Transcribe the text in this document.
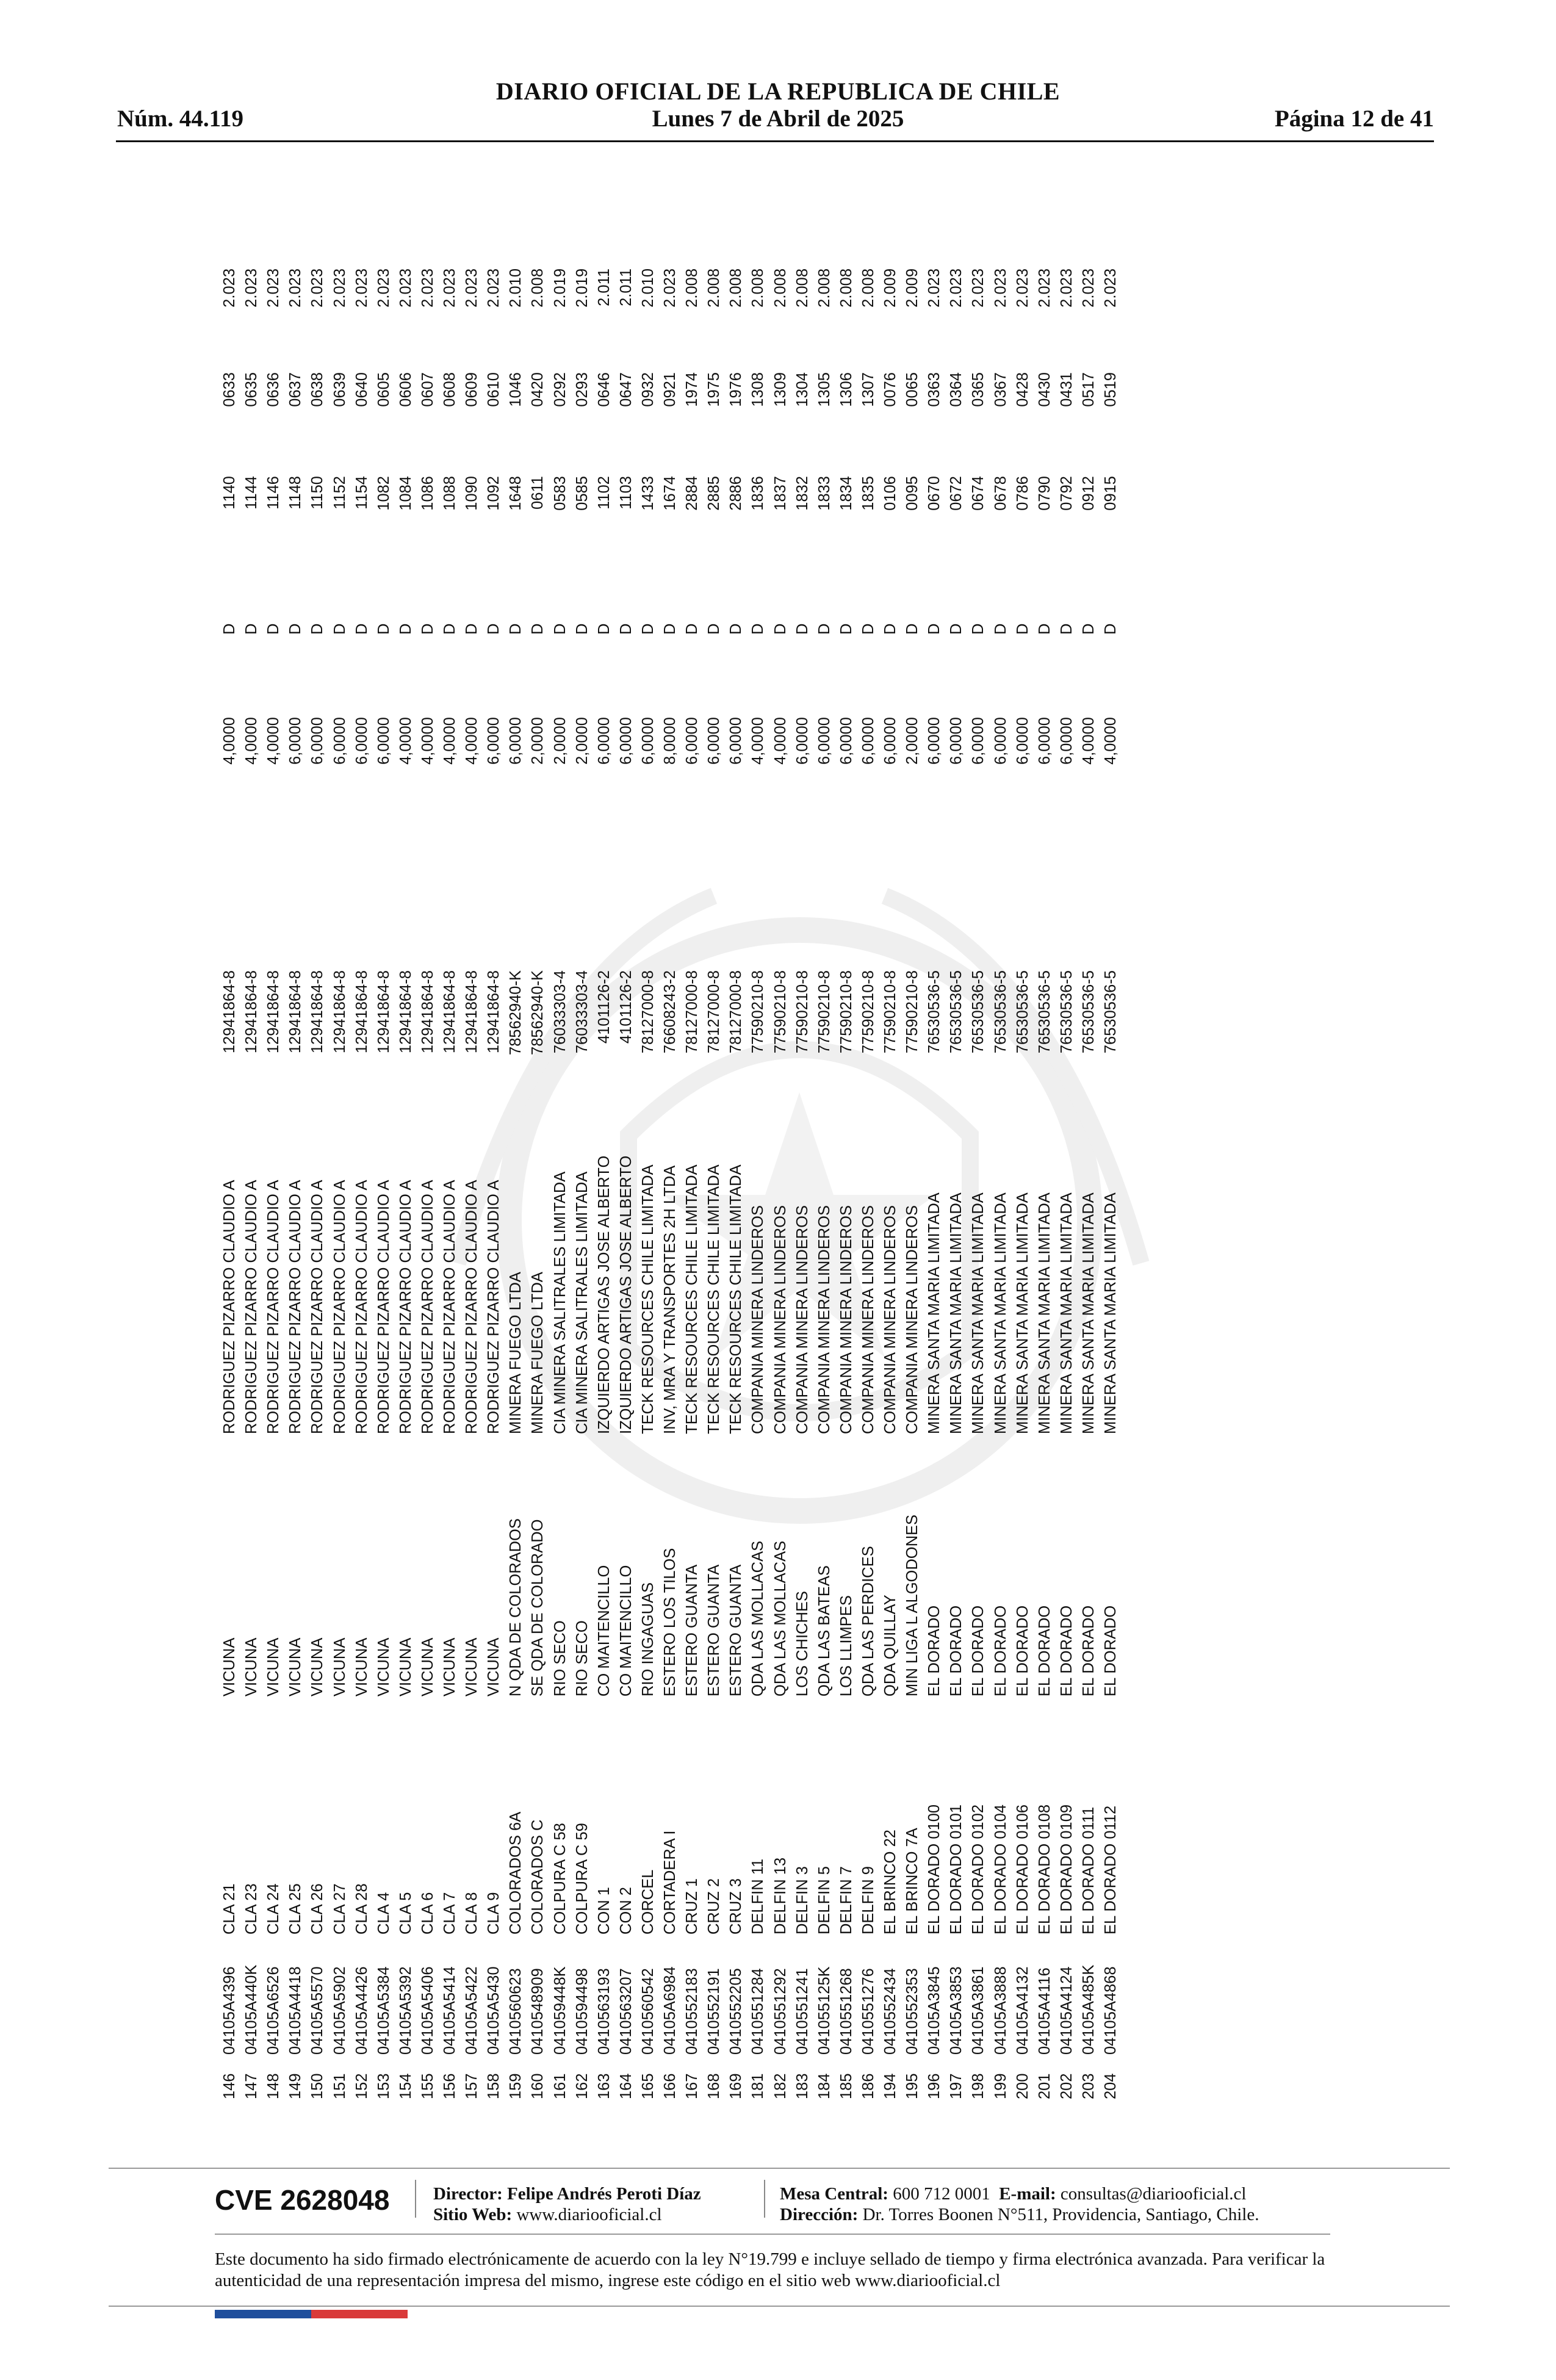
DIARIO OFICIAL DE LA REPUBLICA DE CHILE
Núm. 44.119	Lunes 7 de Abril de 2025	Página 12 de 41
146
04105A4396
CLA 21
VICUNA
RODRIGUEZ PIZARRO CLAUDIO A
12941864-8
4,0000
D
1140
0633
2.023
147
04105A440K
CLA 23
VICUNA
RODRIGUEZ PIZARRO CLAUDIO A
12941864-8
4,0000
D
1144
0635
2.023
148
04105A6526
CLA 24
VICUNA
RODRIGUEZ PIZARRO CLAUDIO A
12941864-8
4,0000
D
1146
0636
2.023
149
04105A4418
CLA 25
VICUNA
RODRIGUEZ PIZARRO CLAUDIO A
12941864-8
6,0000
D
1148
0637
2.023
150
04105A5570
CLA 26
VICUNA
RODRIGUEZ PIZARRO CLAUDIO A
12941864-8
6,0000
D
1150
0638
2.023
151
04105A5902
CLA 27
VICUNA
RODRIGUEZ PIZARRO CLAUDIO A
12941864-8
6,0000
D
1152
0639
2.023
152
04105A4426
CLA 28
VICUNA
RODRIGUEZ PIZARRO CLAUDIO A
12941864-8
6,0000
D
1154
0640
2.023
153
04105A5384
CLA 4
VICUNA
RODRIGUEZ PIZARRO CLAUDIO A
12941864-8
6,0000
D
1082
0605
2.023
154
04105A5392
CLA 5
VICUNA
RODRIGUEZ PIZARRO CLAUDIO A
12941864-8
4,0000
D
1084
0606
2.023
155
04105A5406
CLA 6
VICUNA
RODRIGUEZ PIZARRO CLAUDIO A
12941864-8
4,0000
D
1086
0607
2.023
156
04105A5414
CLA 7
VICUNA
RODRIGUEZ PIZARRO CLAUDIO A
12941864-8
4,0000
D
1088
0608
2.023
157
04105A5422
CLA 8
VICUNA
RODRIGUEZ PIZARRO CLAUDIO A
12941864-8
4,0000
D
1090
0609
2.023
158
04105A5430
CLA 9
VICUNA
RODRIGUEZ PIZARRO CLAUDIO A
12941864-8
6,0000
D
1092
0610
2.023
159
0410560623
COLORADOS 6A
N QDA DE COLORADOS
MINERA FUEGO LTDA
78562940-K
6,0000
D
1648
1046
2.010
160
0410548909
COLORADOS C
SE QDA DE COLORADO
MINERA FUEGO LTDA
78562940-K
2,0000
D
0611
0420
2.008
161
041059448K
COLPURA C 58
RIO SECO
CIA MINERA SALITRALES LIMITADA
76033303-4
2,0000
D
0583
0292
2.019
162
0410594498
COLPURA C 59
RIO SECO
CIA MINERA SALITRALES LIMITADA
76033303-4
2,0000
D
0585
0293
2.019
163
0410563193
CON 1
CO MAITENCILLO
IZQUIERDO ARTIGAS JOSE ALBERTO
4101126-2
6,0000
D
1102
0646
2.011
164
0410563207
CON 2
CO MAITENCILLO
IZQUIERDO ARTIGAS JOSE ALBERTO
4101126-2
6,0000
D
1103
0647
2.011
165
0410560542
CORCEL
RIO INGAGUAS
TECK RESOURCES CHILE LIMITADA
78127000-8
6,0000
D
1433
0932
2.010
166
04105A6984
CORTADERA I
ESTERO LOS TILOS
INV, MRA Y TRANSPORTES 2H LTDA
76608243-2
8,0000
D
1674
0921
2.023
167
0410552183
CRUZ 1
ESTERO GUANTA
TECK RESOURCES CHILE LIMITADA
78127000-8
6,0000
D
2884
1974
2.008
168
0410552191
CRUZ 2
ESTERO GUANTA
TECK RESOURCES CHILE LIMITADA
78127000-8
6,0000
D
2885
1975
2.008
169
0410552205
CRUZ 3
ESTERO GUANTA
TECK RESOURCES CHILE LIMITADA
78127000-8
6,0000
D
2886
1976
2.008
181
0410551284
DELFIN 11
QDA LAS MOLLACAS
COMPANIA MINERA LINDEROS
77590210-8
4,0000
D
1836
1308
2.008
182
0410551292
DELFIN 13
QDA LAS MOLLACAS
COMPANIA MINERA LINDEROS
77590210-8
4,0000
D
1837
1309
2.008
183
0410551241
DELFIN 3
LOS CHICHES
COMPANIA MINERA LINDEROS
77590210-8
6,0000
D
1832
1304
2.008
184
041055125K
DELFIN 5
QDA LAS BATEAS
COMPANIA MINERA LINDEROS
77590210-8
6,0000
D
1833
1305
2.008
185
0410551268
DELFIN 7
LOS LLIMPES
COMPANIA MINERA LINDEROS
77590210-8
6,0000
D
1834
1306
2.008
186
0410551276
DELFIN 9
QDA LAS PERDICES
COMPANIA MINERA LINDEROS
77590210-8
6,0000
D
1835
1307
2.008
194
0410552434
EL BRINCO 22
QDA QUILLAY
COMPANIA MINERA LINDEROS
77590210-8
6,0000
D
0106
0076
2.009
195
0410552353
EL BRINCO 7A
MIN LIGA L ALGODONES
COMPANIA MINERA LINDEROS
77590210-8
2,0000
D
0095
0065
2.009
196
04105A3845
EL DORADO 0100
EL DORADO
MINERA SANTA MARIA LIMITADA
76530536-5
6,0000
D
0670
0363
2.023
197
04105A3853
EL DORADO 0101
EL DORADO
MINERA SANTA MARIA LIMITADA
76530536-5
6,0000
D
0672
0364
2.023
198
04105A3861
EL DORADO 0102
EL DORADO
MINERA SANTA MARIA LIMITADA
76530536-5
6,0000
D
0674
0365
2.023
199
04105A3888
EL DORADO 0104
EL DORADO
MINERA SANTA MARIA LIMITADA
76530536-5
6,0000
D
0678
0367
2.023
200
04105A4132
EL DORADO 0106
EL DORADO
MINERA SANTA MARIA LIMITADA
76530536-5
6,0000
D
0786
0428
2.023
201
04105A4116
EL DORADO 0108
EL DORADO
MINERA SANTA MARIA LIMITADA
76530536-5
6,0000
D
0790
0430
2.023
202
04105A4124
EL DORADO 0109
EL DORADO
MINERA SANTA MARIA LIMITADA
76530536-5
6,0000
D
0792
0431
2.023
203
04105A485K
EL DORADO 0111
EL DORADO
MINERA SANTA MARIA LIMITADA
76530536-5
4,0000
D
0912
0517
2.023
204
04105A4868
EL DORADO 0112
EL DORADO
MINERA SANTA MARIA LIMITADA
76530536-5
4,0000
D
0915
0519
2.023
CVE 2628048 Director: Felipe Andrés Peroti Díaz
Sitio Web: www.diariooficial.cl
Mesa Central: 600 712 0001 E-mail: consultas@diariooficial.cl
Dirección: Dr. Torres Boonen N°511, Providencia, Santiago, Chile.
Este documento ha sido firmado electrónicamente de acuerdo con la ley N°19.799 e incluye sellado de tiempo y firma electrónica avanzada. Para verificar la autenticidad de una representación impresa del mismo, ingrese este código en el sitio web www.diariooficial.cl
